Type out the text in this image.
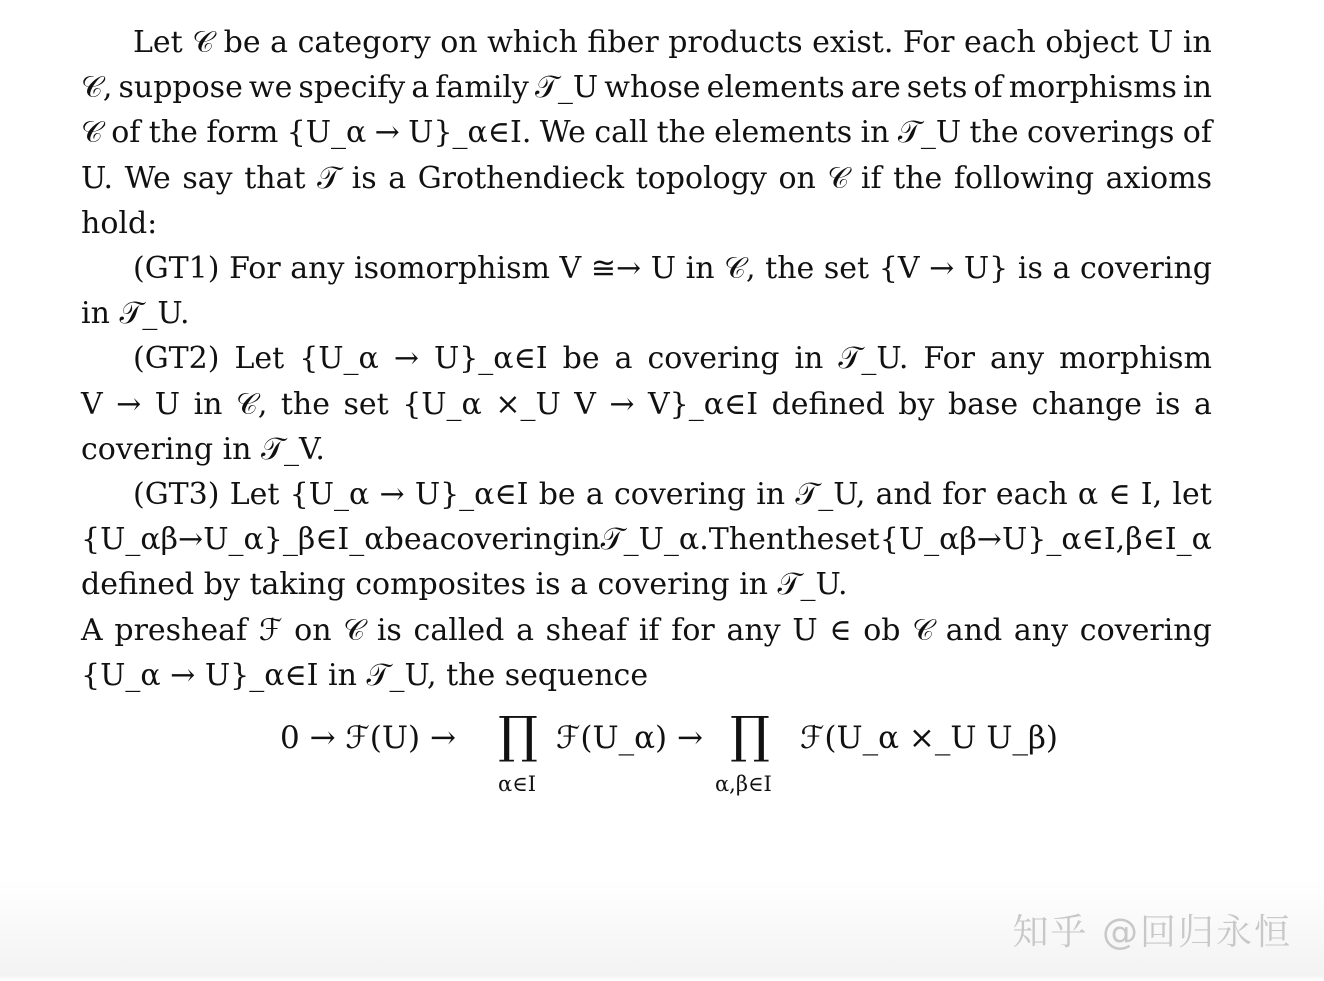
Let 𝒞 be a category on which fiber products exist. For each object U in
𝒞, suppose we specify a family 𝒯_U whose elements are sets of morphisms in
𝒞 of the form {U_α → U}_α∈I. We call the elements in 𝒯_U the coverings of
U. We say that 𝒯 is a Grothendieck topology on 𝒞 if the following axioms
hold:
(GT1) For any isomorphism V ≅→ U in 𝒞, the set {V → U} is a covering
in 𝒯_U.
(GT2) Let {U_α → U}_α∈I be a covering in 𝒯_U. For any morphism
V → U in 𝒞, the set {U_α ×_U V → V}_α∈I defined by base change is a
covering in 𝒯_V.
(GT3) Let {U_α → U}_α∈I be a covering in 𝒯_U, and for each α ∈ I, let
{U_αβ → U_α}_β∈I_α be a covering in 𝒯_U_α. Then the set {U_αβ → U}_α∈I,β∈I_α
defined by taking composites is a covering in 𝒯_U.
A presheaf ℱ on 𝒞 is called a sheaf if for any U ∈ ob 𝒞 and any covering
{U_α → U}_α∈I in 𝒯_U, the sequence
0 → ℱ(U) → ∏
α∈I
ℱ(U_α) → ∏
α,β∈I
ℱ(U_α ×_U U_β)
知乎 @回归永恒
